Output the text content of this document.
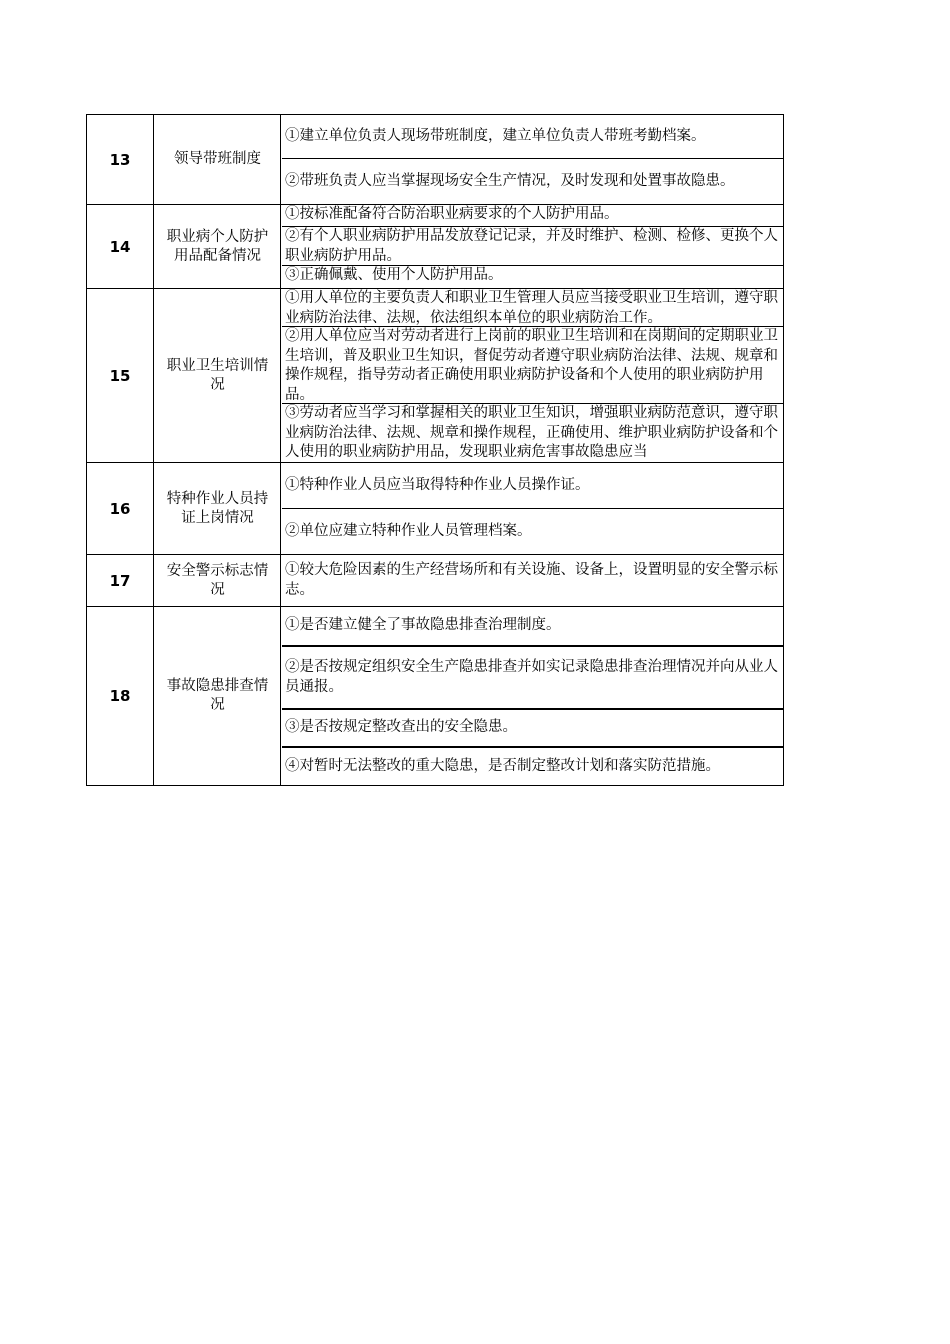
13	领导带班制度
①建立单位负责人现场带班制度，建立单位负责人带班考勤档案。
②带班负责人应当掌握现场安全生产情况，及时发现和处置事故隐患。
14
职业病个人防护用品配备情况
①按标准配备符合防治职业病要求的个人防护用品。
②有个人职业病防护用品发放登记记录，并及时维护、检测、检修、更换个人职业病防护用品。
③正确佩戴、使用个人防护用品。
15
职业卫生培训情况
①用人单位的主要负责人和职业卫生管理人员应当接受职业卫生培训，遵守职业病防治法律、法规，依法组织本单位的职业病防治工作。
②用人单位应当对劳动者进行上岗前的职业卫生培训和在岗期间的定期职业卫生培训，普及职业卫生知识，督促劳动者遵守职业病防治法律、法规、规章和操作规程，指导劳动者正确使用职业病防护设备和个人使用的职业病防护用品。
③劳动者应当学习和掌握相关的职业卫生知识，增强职业病防范意识，遵守职业病防治法律、法规、规章和操作规程，正确使用、维护职业病防护设备和个人使用的职业病防护用品，发现职业病危害事故隐患应当
16
特种作业人员持证上岗情况
①特种作业人员应当取得特种作业人员操作证。
②单位应建立特种作业人员管理档案。
17
安全警示标志情况
①较大危险因素的生产经营场所和有关设施、设备上，设置明显的安全警示标志。
18
事故隐患排查情况
①是否建立健全了事故隐患排查治理制度。
②是否按规定组织安全生产隐患排查并如实记录隐患排查治理情况并向从业人员通报。
③是否按规定整改查出的安全隐患。
④对暂时无法整改的重大隐患，是否制定整改计划和落实防范措施。
